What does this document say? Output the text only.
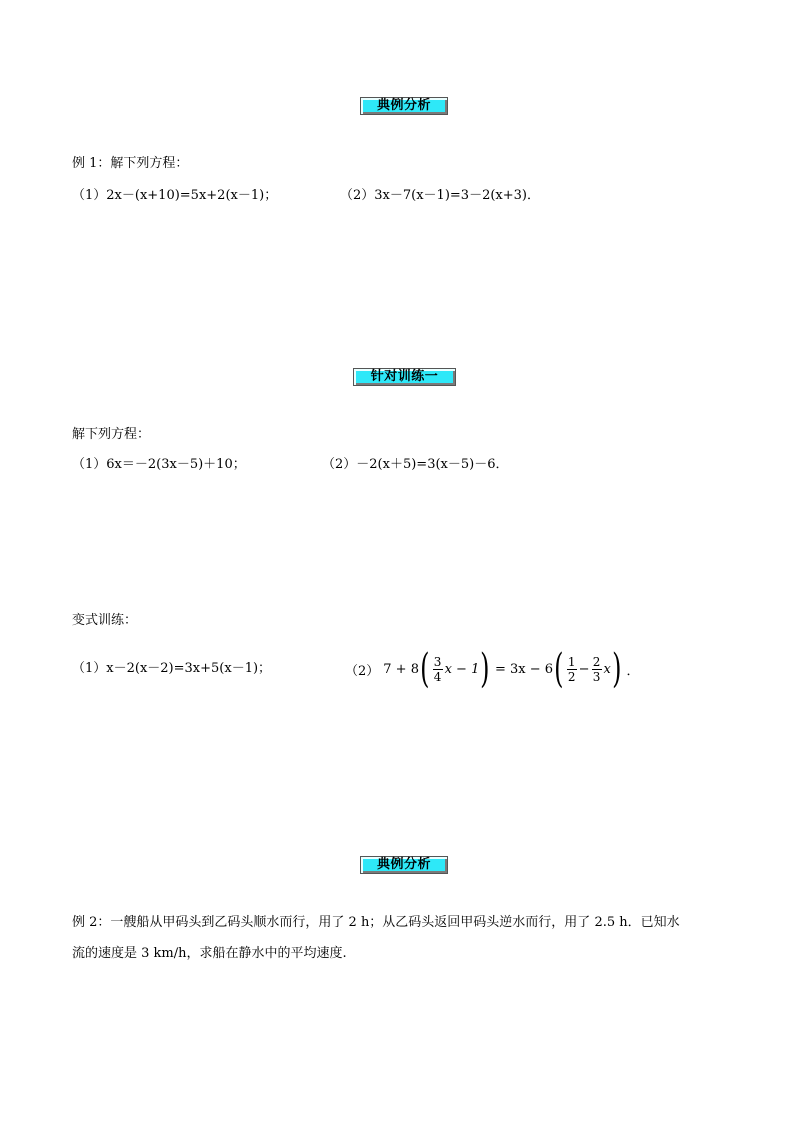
典例分析
例 1：解下列方程：
（1）2x－(x+10)=5x+2(x－1)；	（2）3x－7(x－1)=3－2(x+3)．
针对训练一
解下列方程：
（1）6x＝－2(3x－5)＋10；	（2）－2(x＋5)=3(x－5)－6．
变式训练：
（1）x－2(x－2)=3x+5(x－1)；	（2） 7 + 8 ( $\frac{3}{4}$ x − 1 ) = 3x − 6 ( $\frac{1}{2} - \frac{2}{3}$ x ) ．
典例分析
例 2：一艘船从甲码头到乙码头顺水而行，用了 2 h；从乙码头返回甲码头逆水而行，用了 2.5 h．已知水
流的速度是 3 km/h，求船在静水中的平均速度.
